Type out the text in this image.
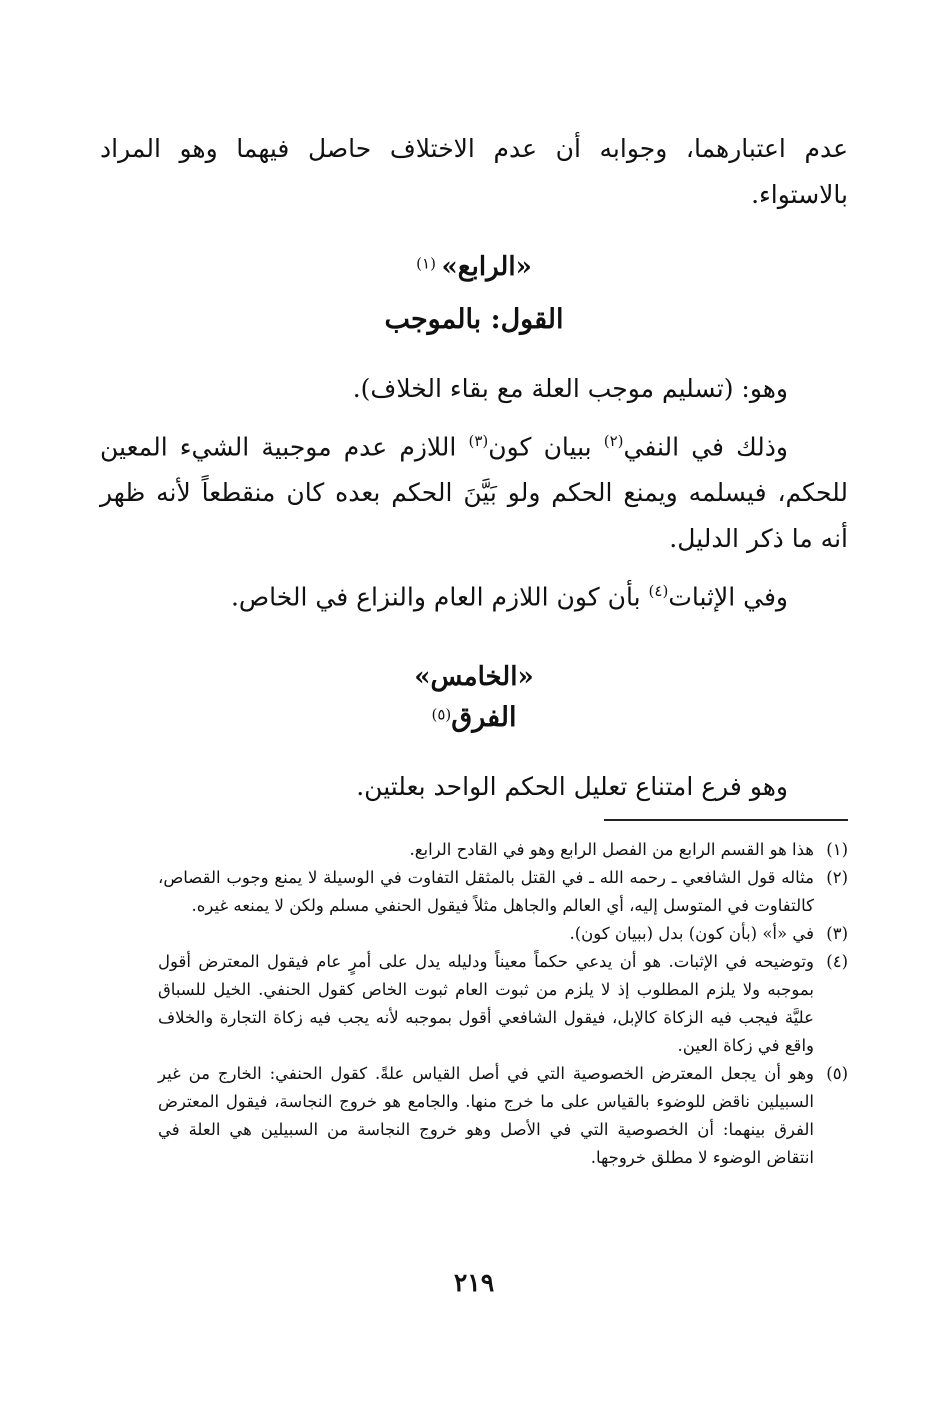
عدم اعتبارهما، وجوابه أن عدم الاختلاف حاصل فيهما وهو المراد بالاستواء.

«الرابع» (١)
القول: بالموجب

وهو: (تسليم موجب العلة مع بقاء الخلاف).

وذلك في النفي$^{(٢)}$ ببيان كون$^{(٣)}$ اللازم عدم موجبية الشيء المعين للحكم، فيسلمه ويمنع الحكم ولو بَيَّنَ الحكم بعده كان منقطعاً لأنه ظهر أنه ما ذكر الدليل.

وفي الإثبات$^{(٤)}$ بأن كون اللازم العام والنزاع في الخاص.

«الخامس»
الفرق(٥)

وهو فرع امتناع تعليل الحكم الواحد بعلتين.

(١)
هذا هو القسم الرابع من الفصل الرابع وهو في القادح الرابع.
(٢)
مثاله قول الشافعي ـ رحمه الله ـ في القتل بالمثقل التفاوت في الوسيلة لا يمنع وجوب القصاص، كالتفاوت في المتوسل إليه، أي العالم والجاهل مثلاً فيقول الحنفي مسلم ولكن لا يمنعه غيره.
(٣)
في «أ» (بأن كون) بدل (ببيان كون).
(٤)
وتوضيحه في الإثبات. هو أن يدعي حكماً معيناً ودليله يدل على أمرٍ عام فيقول المعترض أقول بموجبه ولا يلزم المطلوب إذ لا يلزم من ثبوت العام ثبوت الخاص كقول الحنفي. الخيل للسباق عليَّة فيجب فيه الزكاة كالإبل، فيقول الشافعي أقول بموجبه لأنه يجب فيه زكاة التجارة والخلاف واقع في زكاة العين.
(٥)
وهو أن يجعل المعترض الخصوصية التي في أصل القياس علةً. كقول الحنفي: الخارج من غير السبيلين ناقض للوضوء بالقياس على ما خرج منها. والجامع هو خروج النجاسة، فيقول المعترض الفرق بينهما: أن الخصوصية التي في الأصل وهو خروج النجاسة من السبيلين هي العلة في انتقاض الوضوء لا مطلق خروجها.
٢١٩
